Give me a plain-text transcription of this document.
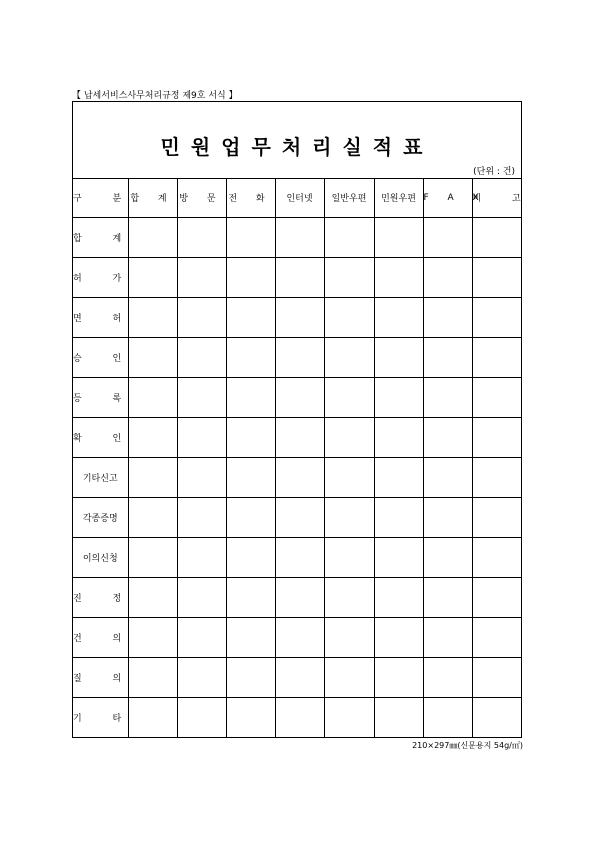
【 납세서비스사무처리규정 제9호 서식 】
민원업무처리실적표
(단위 : 건)
구 분	합 계	방 문	전 화	인터넷	일반우편	민원우편	F A X	비 고
합 계								
허 가								
면 허								
승 인								
등 록								
확 인								
기타신고								
각종증명								
이의신청								
진 정								
건 의								
질 의								
기 타								
210×297㎜(신문용지 54g/㎡)
